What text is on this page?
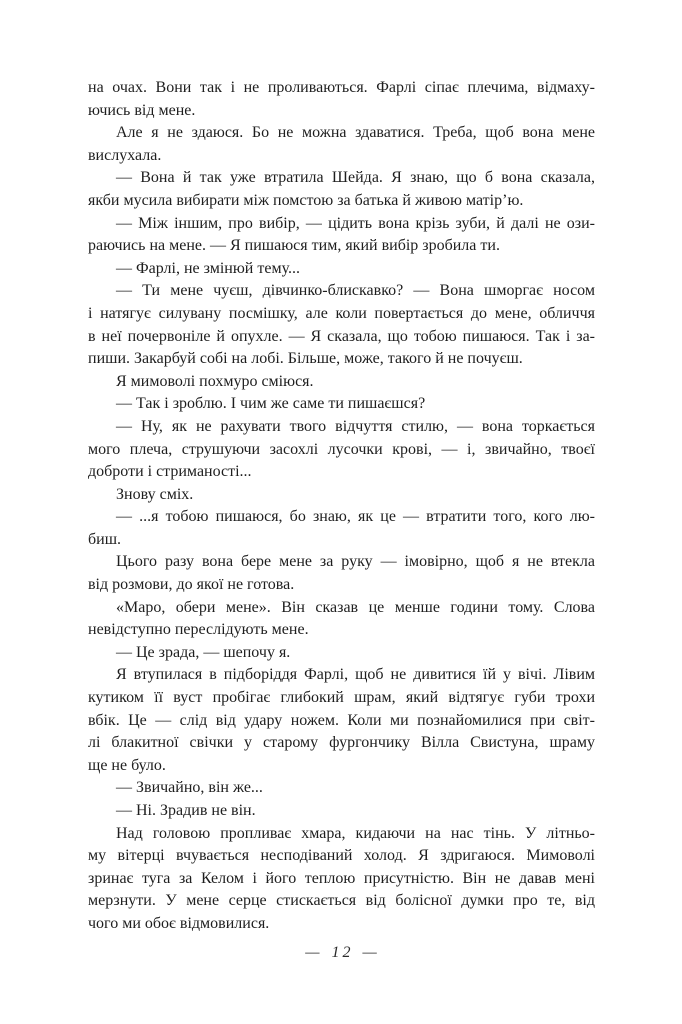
на очах. Вони так і не проливаються. Фарлі сіпає плечима, відмаху-
ючись від мене.
Але я не здаюся. Бо не можна здаватися. Треба, щоб вона мене
вислухала.
— Вона й так уже втратила Шейда. Я знаю, що б вона сказала,
якби мусила вибирати між помстою за батька й живою матір’ю.
— Між іншим, про вибір, — цідить вона крізь зуби, й далі не ози-
раючись на мене. — Я пишаюся тим, який вибір зробила ти.
— Фарлі, не змінюй тему...
— Ти мене чуєш, дівчинко-блискавко? — Вона шморгає носом
і натягує силувану посмішку, але коли повертається до мене, обличчя
в неї почервоніле й опухле. — Я сказала, що тобою пишаюся. Так і за-
пиши. Закарбуй собі на лобі. Більше, може, такого й не почуєш.
Я мимоволі похмуро сміюся.
— Так і зроблю. І чим же саме ти пишаєшся?
— Ну, як не рахувати твого відчуття стилю, — вона торкається
мого плеча, струшуючи засохлі лусочки крові, — і, звичайно, твоєї
доброти і стриманості...
Знову сміх.
— ...я тобою пишаюся, бо знаю, як це — втратити того, кого лю-
биш.
Цього разу вона бере мене за руку — імовірно, щоб я не втекла
від розмови, до якої не готова.
«Маро, обери мене». Він сказав це менше години тому. Слова
невідступно переслідують мене.
— Це зрада, — шепочу я.
Я втупилася в підборіддя Фарлі, щоб не дивитися їй у вічі. Лівим
кутиком її вуст пробігає глибокий шрам, який відтягує губи трохи
вбік. Це — слід від удару ножем. Коли ми познайомилися при світ-
лі блакитної свічки у старому фургончику Вілла Свистуна, шраму
ще не було.
— Звичайно, він же...
— Ні. Зрадив не він.
Над головою пропливає хмара, кидаючи на нас тінь. У літньо-
му вітерці вчувається несподіваний холод. Я здригаюся. Мимоволі
зринає туга за Келом і його теплою присутністю. Він не давав мені
мерзнути. У мене серце стискається від болісної думки про те, від
чого ми обоє відмовилися.
— 12 —
